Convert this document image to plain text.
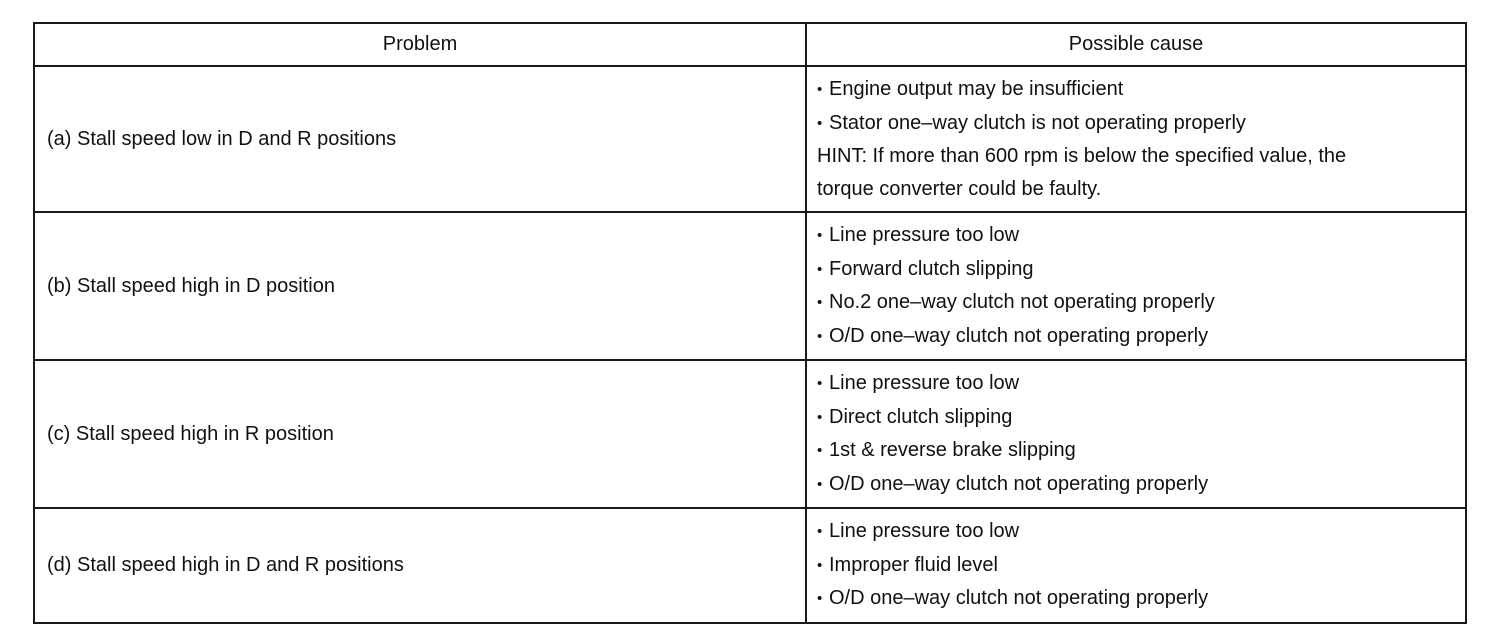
Problem	Possible cause
(a) Stall speed low in D and R positions	• Engine output may be insufficient
• Stator one–way clutch is not operating properly
HINT: If more than 600 rpm is below the specified value, the
torque converter could be faulty.

(b) Stall speed high in D position	• Line pressure too low
• Forward clutch slipping
• No.2 one–way clutch not operating properly
• O/D one–way clutch not operating properly

(c) Stall speed high in R position	• Line pressure too low
• Direct clutch slipping
• 1st & reverse brake slipping
• O/D one–way clutch not operating properly

(d) Stall speed high in D and R positions	• Line pressure too low
• Improper fluid level
• O/D one–way clutch not operating properly
